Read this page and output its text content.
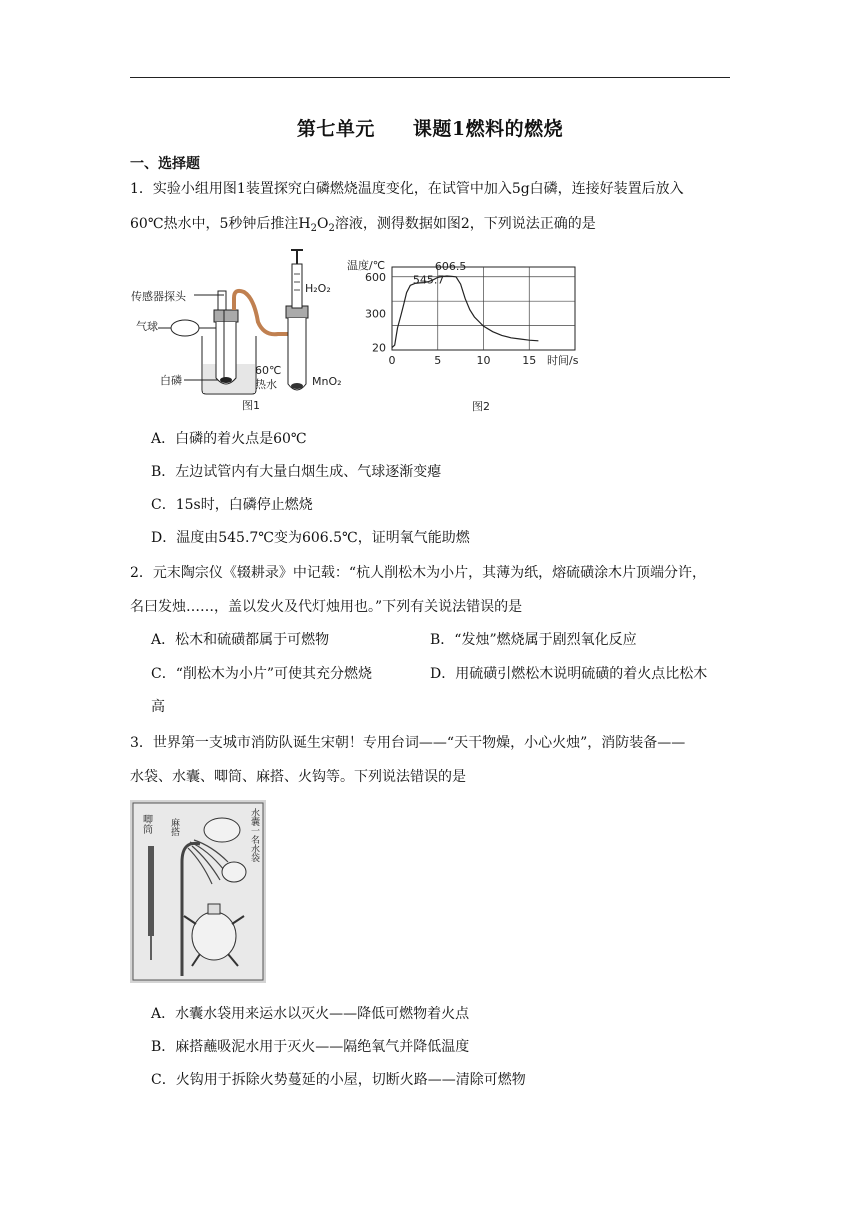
第七单元 课题1燃料的燃烧
一、选择题
1．实验小组用图1装置探究白磷燃烧温度变化，在试管中加入5g白磷，连接好装置后放入
60℃热水中，5秒钟后推注$H_2O_2$溶液，测得数据如图2，下列说法正确的是
传感器探头
气球
白磷
60℃
热水
H₂O₂
MnO₂
图1
20
300
600
0	5	10	15
545.7
606.5
温度/℃
时间/s
图2
A．白磷的着火点是60℃
B．左边试管内有大量白烟生成、气球逐渐变瘪
C．15s时，白磷停止燃烧
D．温度由545.7℃变为606.5℃，证明氧气能助燃
2．元末陶宗仪《辍耕录》中记载：“杭人削松木为小片，其薄为纸，熔硫磺涂木片顶端分许，
名曰发烛……，盖以发火及代灯烛用也。”下列有关说法错误的是
A．松木和硫磺都属于可燃物	B．“发烛”燃烧属于剧烈氧化反应
C．“削松木为小片”可使其充分燃烧	D．用硫磺引燃松木说明硫磺的着火点比松木
高
3．世界第一支城市消防队诞生宋朝！专用台词——“天干物燥，小心火烛”，消防装备——
水袋、水囊、唧筒、麻搭、火钩等。下列说法错误的是
唧筒 麻搭	水囊一名水袋
A．水囊水袋用来运水以灭火——降低可燃物着火点
B．麻搭蘸吸泥水用于灭火——隔绝氧气并降低温度
C．火钩用于拆除火势蔓延的小屋，切断火路——清除可燃物
